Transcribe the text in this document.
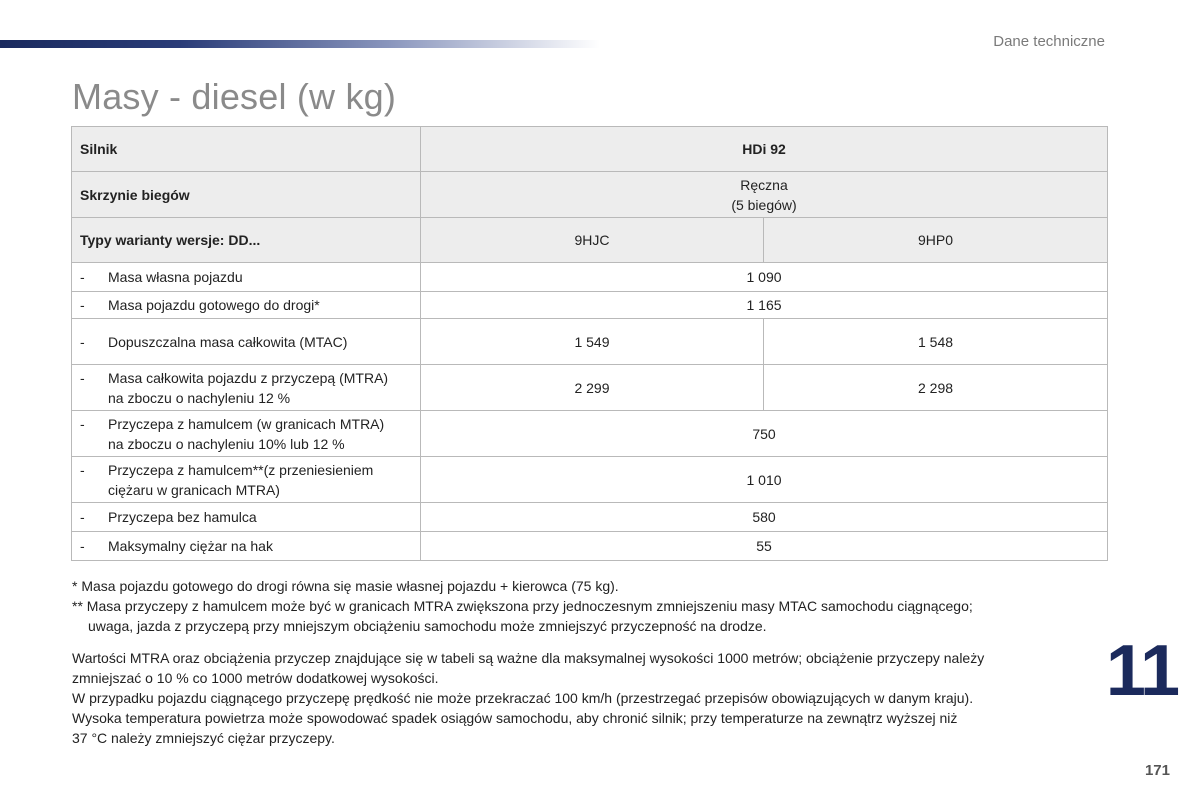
Dane techniczne
Masy - diesel (w kg)
Silnik	HDi 92	
Skrzynie biegów	Ręczna
(5 biegów)	

Typy warianty wersje: DD...	9HJC	9HP0

- Masa własna pojazdu	1 090	

- Masa pojazdu gotowego do drogi*	1 165	

- Dopuszczalna masa całkowita (MTAC)	1 549	1 548

- Masa całkowita pojazdu z przyczepą (MTRA)
na zboczu o nachyleniu 12 %	2 299	2 298

- Przyczepa z hamulcem (w granicach MTRA)
na zboczu o nachyleniu 10% lub 12 %	750	

- Przyczepa z hamulcem**(z przeniesieniem
ciężaru w granicach MTRA)	1 010	

- Przyczepa bez hamulca	580	

- Maksymalny ciężar na hak	55	

* Masa pojazdu gotowego do drogi równa się masie własnej pojazdu + kierowca (75 kg).

** Masa przyczepy z hamulcem może być w granicach MTRA zwiększona przy jednoczesnym zmniejszeniu masy MTAC samochodu ciągnącego;

uwaga, jazda z przyczepą przy mniejszym obciążeniu samochodu może zmniejszyć przyczepność na drodze.

Wartości MTRA oraz obciążenia przyczep znajdujące się w tabeli są ważne dla maksymalnej wysokości 1000 metrów; obciążenie przyczepy należy

zmniejszać o 10 % co 1000 metrów dodatkowej wysokości.

W przypadku pojazdu ciągnącego przyczepę prędkość nie może przekraczać 100 km/h (przestrzegać przepisów obowiązujących w danym kraju).

Wysoka temperatura powietrza może spowodować spadek osiągów samochodu, aby chronić silnik; przy temperaturze na zewnątrz wyższej niż

37 °C należy zmniejszyć ciężar przyczepy.

11
171
